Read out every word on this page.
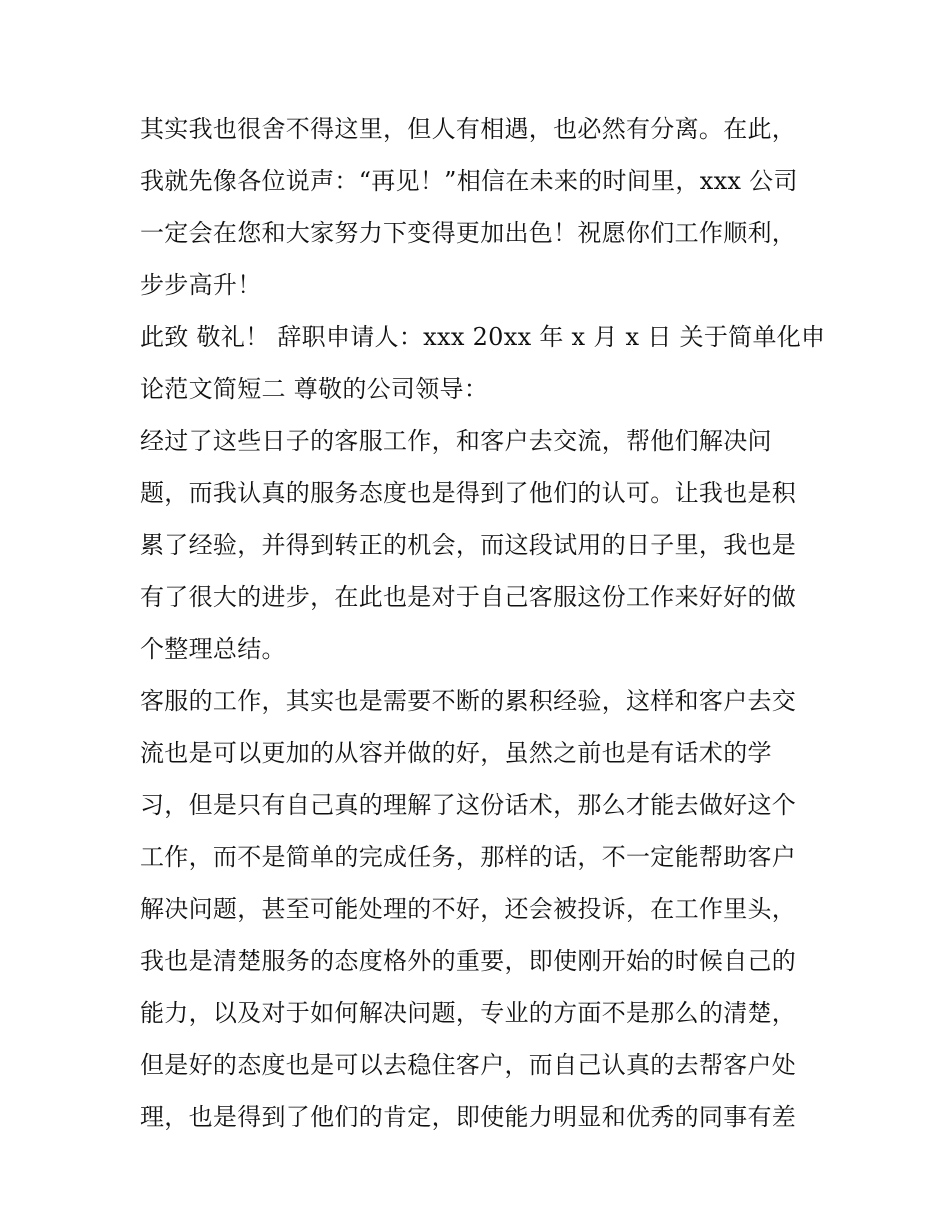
其实我也很舍不得这里，但人有相遇，也必然有分离。在此，
我就先像各位说声：“再见！”相信在未来的时间里，xxx 公司
一定会在您和大家努力下变得更加出色！祝愿你们工作顺利，
步步高升！
此致 敬礼！ 辞职申请人：xxx 20xx 年 x 月 x 日 关于简单化申
论范文简短二 尊敬的公司领导：
经过了这些日子的客服工作，和客户去交流，帮他们解决问
题，而我认真的服务态度也是得到了他们的认可。让我也是积
累了经验，并得到转正的机会，而这段试用的日子里，我也是
有了很大的进步，在此也是对于自己客服这份工作来好好的做
个整理总结。
客服的工作，其实也是需要不断的累积经验，这样和客户去交
流也是可以更加的从容并做的好，虽然之前也是有话术的学
习，但是只有自己真的理解了这份话术，那么才能去做好这个
工作，而不是简单的完成任务，那样的话，不一定能帮助客户
解决问题，甚至可能处理的不好，还会被投诉，在工作里头，
我也是清楚服务的态度格外的重要，即使刚开始的时候自己的
能力，以及对于如何解决问题，专业的方面不是那么的清楚，
但是好的态度也是可以去稳住客户，而自己认真的去帮客户处
理，也是得到了他们的肯定，即使能力明显和优秀的同事有差
